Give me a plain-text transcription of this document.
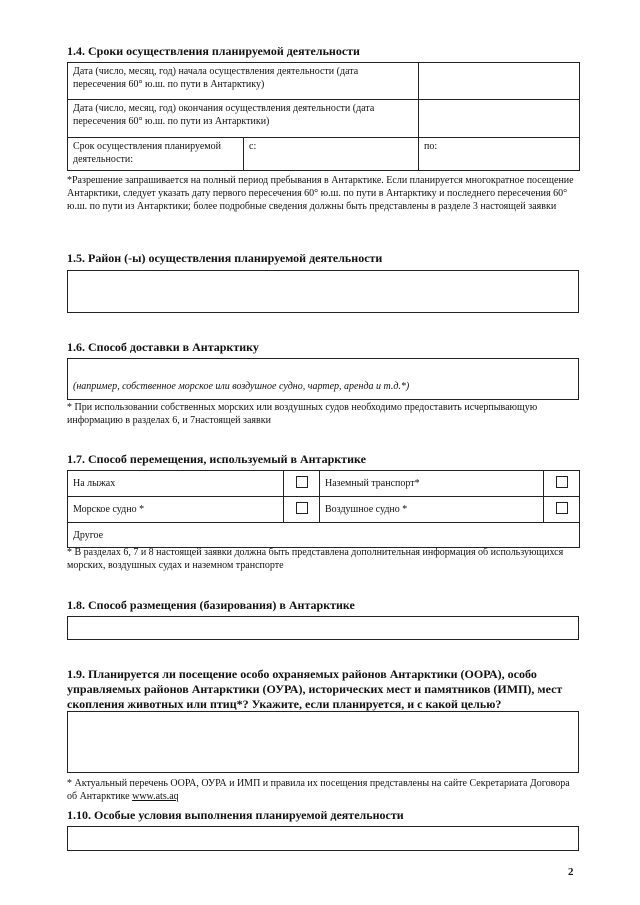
1.4. Сроки осуществления планируемой деятельности
Дата (число, месяц, год) начала осуществления деятельности (дата пересечения 60° ю.ш. по пути в Антарктику)		
Дата (число, месяц, год) окончания осуществления деятельности (дата пересечения 60° ю.ш. по пути из Антарктики)		
Срок осуществления планируемой деятельности:	с:	по:
*Разрешение запрашивается на полный период пребывания в Антарктике. Если планируется многократное посещение Антарктики, следует указать дату первого пересечения 60° ю.ш. по пути в Антарктику и последнего пересечения 60° ю.ш. по пути из Антарктики; более подробные сведения должны быть представлены в разделе 3 настоящей заявки
1.5. Район (-ы) осуществления планируемой деятельности
1.6. Способ доставки в Антарктику
(например, собственное морское или воздушное судно, чартер, аренда и т.д.*)
* При использовании собственных морских или воздушных судов необходимо предоставить исчерпывающую информацию в разделах 6, и 7настоящей заявки
1.7. Способ перемещения, используемый в Антарктике
На лыжах		Наземный транспорт*	
Морское судно *		Воздушное судно *	
Другое			
* В разделах 6, 7 и 8 настоящей заявки должна быть представлена дополнительная информация об использующихся морских, воздушных судах и наземном транспорте
1.8. Способ размещения (базирования) в Антарктике
1.9. Планируется ли посещение особо охраняемых районов Антарктики (ООРА), особо управляемых районов Антарктики (ОУРА), исторических мест и памятников (ИМП), мест скопления животных или птиц*? Укажите, если планируется, и с какой целью?
* Актуальный перечень ООРА, ОУРА и ИМП и правила их посещения представлены на сайте Секретариата Договора об Антарктике www.ats.aq
1.10. Особые условия выполнения планируемой деятельности
2
